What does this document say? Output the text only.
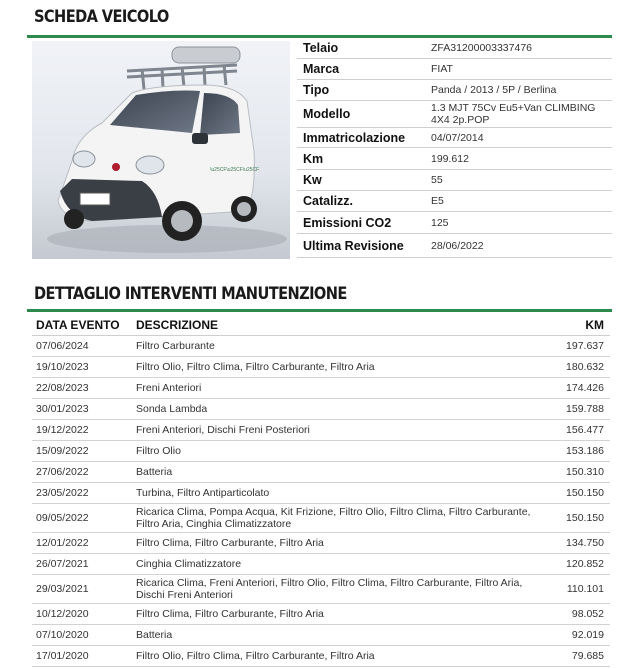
SCHEDA VEICOLO
\u25CF\u25CF\u25CF
Telaio	ZFA31200003337476
Marca	FIAT
Tipo	Panda / 2013 / 5P / Berlina
Modello	1.3 MJT 75Cv Eu5+Van CLIMBING 4X4 2p.POP
Immatricolazione	04/07/2014
Km	199.612
Kw	55
Catalizz.	E5
Emissioni CO2	125
Ultima Revisione	28/06/2022
DETTAGLIO INTERVENTI MANUTENZIONE
DATA EVENTO	DESCRIZIONE	KM
07/06/2024	Filtro Carburante	197.637
19/10/2023	Filtro Olio, Filtro Clima, Filtro Carburante, Filtro Aria	180.632
22/08/2023	Freni Anteriori	174.426
30/01/2023	Sonda Lambda	159.788
19/12/2022	Freni Anteriori, Dischi Freni Posteriori	156.477
15/09/2022	Filtro Olio	153.186
27/06/2022	Batteria	150.310
23/05/2022	Turbina, Filtro Antiparticolato	150.150
09/05/2022	Ricarica Clima, Pompa Acqua, Kit Frizione, Filtro Olio, Filtro Clima, Filtro Carburante, Filtro Aria, Cinghia Climatizzatore	150.150
12/01/2022	Filtro Clima, Filtro Carburante, Filtro Aria	134.750
26/07/2021	Cinghia Climatizzatore	120.852
29/03/2021	Ricarica Clima, Freni Anteriori, Filtro Olio, Filtro Clima, Filtro Carburante, Filtro Aria, Dischi Freni Anteriori	110.101
10/12/2020	Filtro Clima, Filtro Carburante, Filtro Aria	98.052
07/10/2020	Batteria	92.019
17/01/2020	Filtro Olio, Filtro Clima, Filtro Carburante, Filtro Aria	79.685
